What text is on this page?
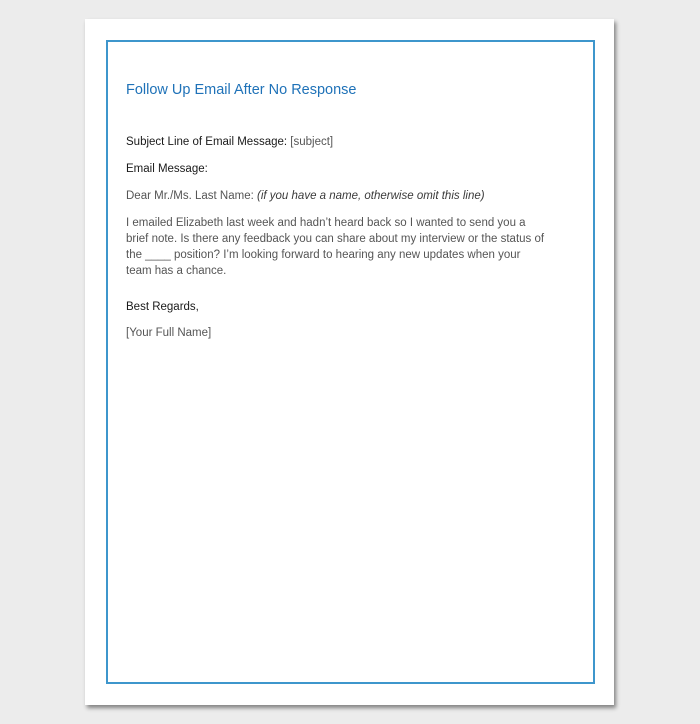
Follow Up Email After No Response

Subject Line of Email Message: [subject]

Email Message:

Dear Mr./Ms. Last Name: (if you have a name, otherwise omit this line)

I emailed Elizabeth last week and hadn’t heard back so I wanted to send you a brief note. Is there any feedback you can share about my interview or the status of the ____ position? I’m looking forward to hearing any new updates when your team has a chance.

Best Regards,

[Your Full Name]
